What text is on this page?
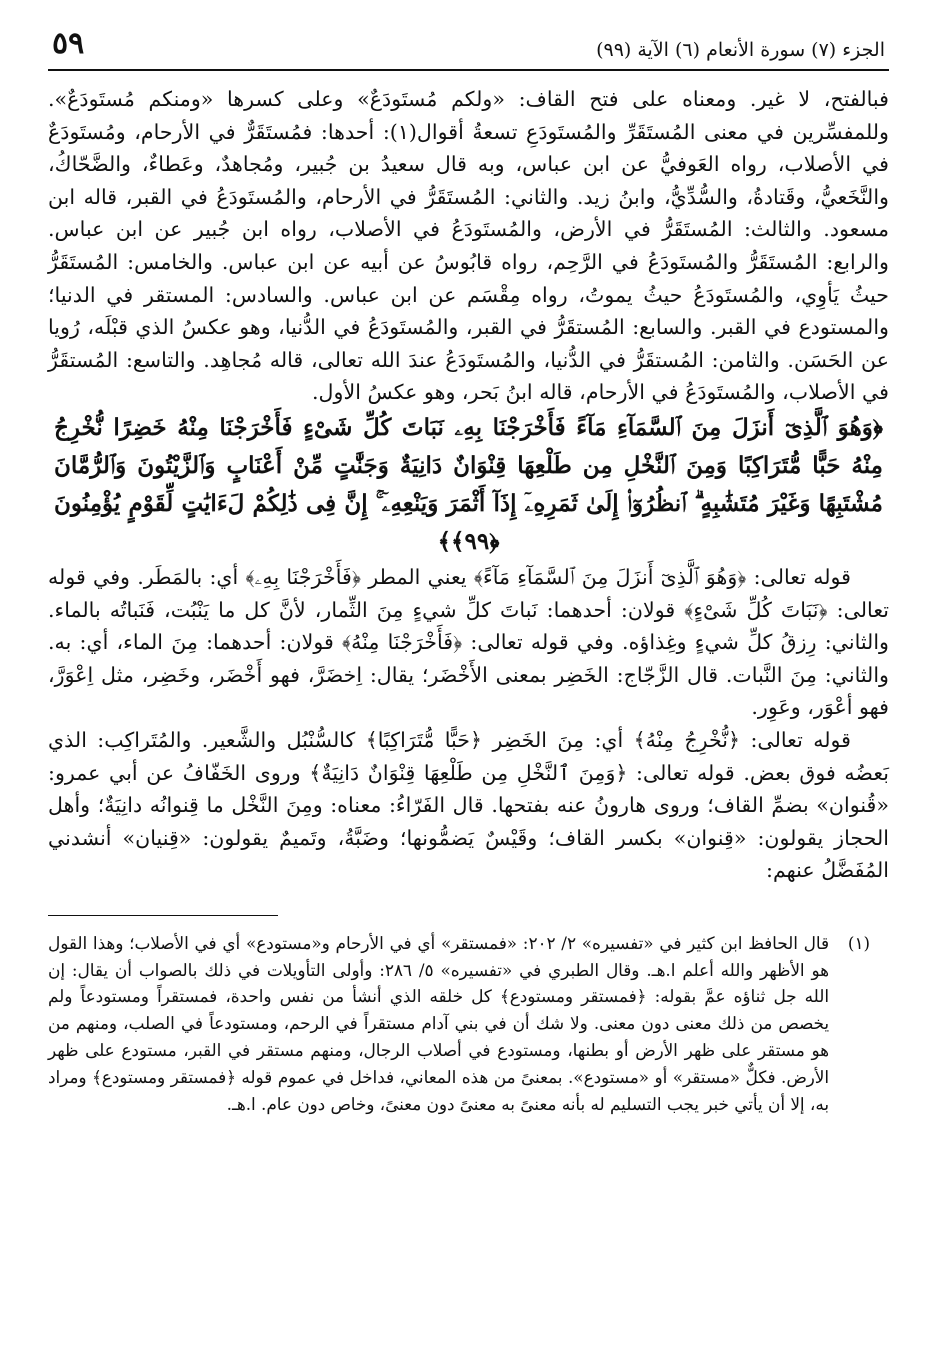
الجزء (٧) سورة الأنعام (٦) الآية (٩٩)
٥٩

فبالفتح، لا غير. ومعناه على فتح القاف: «ولكم مُستَودَعٌ» وعلى كسرها «ومنكم مُستَودَعٌ». وللمفسِّرين في معنى المُستَقَرِّ والمُستَودَعِ تسعةُ أقوال(١): أحدها: فمُستَقَرٌّ في الأرحام، ومُستَودَعٌ في الأصلاب، رواه العَوفيُّ عن ابن عباس، وبه قال سعيدُ بن جُبير، ومُجاهدٌ، وعَطاءٌ، والضَّحّاكُ، والنَّخَعيُّ، وقَتادةُ، والسُّدِّيُّ، وابنُ زيد. والثاني: المُستَقَرُّ في الأرحام، والمُستَودَعُ في القبر، قاله ابن مسعود. والثالث: المُستَقَرُّ في الأرض، والمُستَودَعُ في الأصلاب، رواه ابن جُبير عن ابن عباس. والرابع: المُستَقَرُّ والمُستَودَعُ في الرَّحِم، رواه قابُوسُ عن أبيه عن ابن عباس. والخامس: المُستَقَرُّ حيثُ يَأوِي، والمُستَودَعُ حيثُ يموتُ، رواه مِقْسَم عن ابن عباس. والسادس: المستقر في الدنيا؛ والمستودع في القبر. والسابع: المُستقَرُّ في القبر، والمُستَودَعُ في الدُّنيا، وهو عكسُ الذي قبْلَه، رُويا عن الحَسَن. والثامن: المُستقَرُّ في الدُّنيا، والمُستَودَعُ عندَ الله تعالى، قاله مُجاهِد. والتاسع: المُستقَرُّ في الأصلاب، والمُستَودَعُ في الأرحام، قاله ابنُ بَحر، وهو عكسُ الأول.

﴿وَهُوَ ٱلَّذِىٓ أَنزَلَ مِنَ ٱلسَّمَآءِ مَآءً فَأَخْرَجْنَا بِهِۦ نَبَاتَ كُلِّ شَىْءٍ فَأَخْرَجْنَا مِنْهُ خَضِرًا نُّخْرِجُ مِنْهُ حَبًّا مُّتَرَاكِبًا وَمِنَ ٱلنَّخْلِ مِن طَلْعِهَا قِنْوَانٌ دَانِيَةٌ وَجَنَّٰتٍ مِّنْ أَعْنَابٍ وَٱلزَّيْتُونَ وَٱلرُّمَّانَ مُشْتَبِهًا وَغَيْرَ مُتَشَٰبِهٍ ۗ ٱنظُرُوٓا۟ إِلَىٰ ثَمَرِهِۦٓ إِذَآ أَثْمَرَ وَيَنْعِهِۦٓ ۚ إِنَّ فِى ذَٰلِكُمْ لَءَايَٰتٍ لِّقَوْمٍ يُؤْمِنُونَ ﴿٩٩﴾﴾

قوله تعالى: ﴿وَهُوَ ٱلَّذِىٓ أَنزَلَ مِنَ ٱلسَّمَآءِ مَآءً﴾ يعني المطر ﴿فَأَخْرَجْنَا بِهِۦ﴾ أي: بالمَطَر. وفي قوله تعالى: ﴿نَبَاتَ كُلِّ شَىْءٍ﴾ قولان: أحدهما: نَباتَ كلِّ شيءٍ مِنَ الثِّمار، لأنَّ كل ما يَنْبُت، فَنَباتُه بالماء. والثاني: رِزقُ كلِّ شيءٍ وغِذاؤه. وفي قوله تعالى: ﴿فَأَخْرَجْنَا مِنْهُ﴾ قولان: أحدهما: مِنَ الماء، أي: به. والثاني: مِنَ النَّبات. قال الزَّجّاج: الخَضِر بمعنى الأَخْضَر؛ يقال: اِخضَرَّ، فهو أَخْضَر، وخَضِر، مثل اِعْوَرَّ، فهو أعْوَر، وعَوِر.

قوله تعالى: ﴿نُّخْرِجُ مِنْهُ﴾ أي: مِنَ الخَضِر ﴿حَبًّا مُّتَرَاكِبًا﴾ كالسُّنْبُل والشَّعير. والمُتَراكِب: الذي بَعضُه فوق بعض. قوله تعالى: ﴿وَمِنَ ٱلنَّخْلِ مِن طَلْعِهَا قِنْوَانٌ دَانِيَةٌ﴾ وروى الخَفّافُ عن أبي عمرو: «قُنوان» بضمِّ القاف؛ وروى هارونُ عنه بفتحها. قال الفَرّاءُ: معناه: ومِنَ النَّخْل ما قِنوانُه دانِيَةٌ؛ وأهل الحجاز يقولون: «قِنوان» بكسر القاف؛ وقَيْسٌ يَضمُّونها؛ وضَبَّةُ، وتَميمٌ يقولون: «قِنيان» أنشدني المُفَضَّلُ عنهم:

(١)
قال الحافظ ابن كثير في «تفسيره» ٢/ ٢٠٢: «فمستقر» أي في الأرحام و«مستودع» أي في الأصلاب؛ وهذا القول هو الأظهر والله أعلم ا.هـ. وقال الطبري في «تفسيره» ٥/ ٢٨٦: وأولى التأويلات في ذلك بالصواب أن يقال: إن الله جل ثناؤه عمَّ بقوله: ﴿فمستقر ومستودع﴾ كل خلقه الذي أنشأ من نفس واحدة، فمستقراً ومستودعاً ولم يخصص من ذلك معنى دون معنى. ولا شك أن في بني آدام مستقراً في الرحم، ومستودعاً في الصلب، ومنهم من هو مستقر على ظهر الأرض أو بطنها، ومستودع في أصلاب الرجال، ومنهم مستقر في القبر، مستودع على ظهر الأرض. فكلٌّ «مستقر» أو «مستودع». بمعنىً من هذه المعاني، فداخل في عموم قوله ﴿فمستقر ومستودع﴾ ومراد به، إلا أن يأتي خبر يجب التسليم له بأنه معنىً به معنىً دون معنىً، وخاص دون عام. ا.هـ.
